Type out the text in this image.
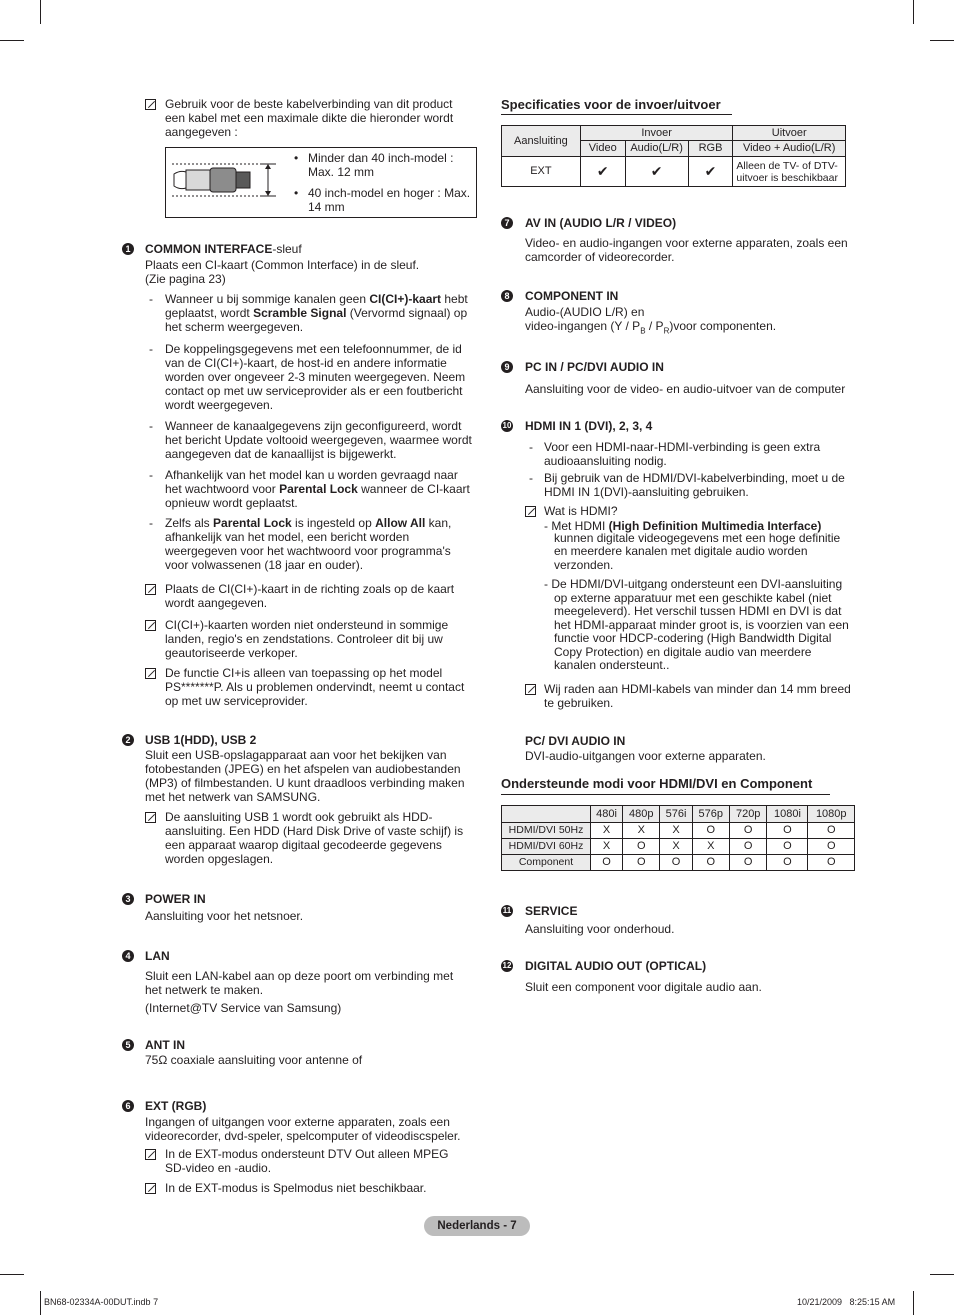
Gebruik voor de beste kabelverbinding van dit product een kabel met een maximale dikte die hieronder wordt aangegeven :
• Minder dan 40 inch-model : Max. 12 mm
• 40 inch-model en hoger : Max. 14 mm
1 COMMON INTERFACE-sleuf
Plaats een CI-kaart (Common Interface) in de sleuf. (Zie pagina 23)
- Wanneer u bij sommige kanalen geen CI(CI+)-kaart hebt geplaatst, wordt Scramble Signal (Vervormd signaal) op het scherm weergegeven.
- De koppelingsgegevens met een telefoonnummer, de id van de CI(CI+)-kaart, de host-id en andere informatie worden over ongeveer 2-3 minuten weergegeven. Neem contact op met uw serviceprovider als er een foutbericht wordt weergegeven.
- Wanneer de kanaalgegevens zijn geconfigureerd, wordt het bericht Update voltooid weergegeven, waarmee wordt aangegeven dat de kanaallijst is bijgewerkt.
- Afhankelijk van het model kan u worden gevraagd naar het wachtwoord voor Parental Lock wanneer de CI-kaart opnieuw wordt geplaatst.
- Zelfs als Parental Lock is ingesteld op Allow All kan, afhankelijk van het model, een bericht worden weergegeven voor het wachtwoord voor programma's voor volwassenen (18 jaar en ouder).
Plaats de CI(CI+)-kaart in de richting zoals op de kaart wordt aangegeven.
CI(CI+)-kaarten worden niet ondersteund in sommige landen, regio's en zendstations. Controleer dit bij uw geautoriseerde verkoper.
De functie CI+is alleen van toepassing op het model PS*******P. Als u problemen ondervindt, neemt u contact op met uw serviceprovider.
2 USB 1(HDD), USB 2
Sluit een USB-opslagapparaat aan voor het bekijken van fotobestanden (JPEG) en het afspelen van audiobestanden (MP3) of filmbestanden. U kunt draadloos verbinding maken met het netwerk van SAMSUNG.
De aansluiting USB 1 wordt ook gebruikt als HDD-aansluiting. Een HDD (Hard Disk Drive of vaste schijf) is een apparaat waarop digitaal gecodeerde gegevens worden opgeslagen.
3 POWER IN
Aansluiting voor het netsnoer.
4 LAN
Sluit een LAN-kabel aan op deze poort om verbinding met het netwerk te maken.
(Internet@TV Service van Samsung)
5 ANT IN
75Ω coaxiale aansluiting voor antenne of
6 EXT (RGB)
Ingangen of uitgangen voor externe apparaten, zoals een videorecorder, dvd-speler, spelcomputer of videodiscspeler.
In de EXT-modus ondersteunt DTV Out alleen MPEG SD-video en -audio.
In de EXT-modus is Spelmodus niet beschikbaar.
Specificaties voor de invoer/uitvoer
Aansluiting	Invoer			Uitvoer
	Video	Audio(L/R)	RGB	Video + Audio(L/R)
EXT	✔	✔	✔	Alleen de TV- of DTV-uitvoer is beschikbaar
7 AV IN (AUDIO L/R / VIDEO)
Video- en audio-ingangen voor externe apparaten, zoals een camcorder of videorecorder.
8 COMPONENT IN
Audio-(AUDIO L/R) en
video-ingangen ($Y / P_B$ / $P_R)voor$ componenten.
9 PC IN / PC/DVI AUDIO IN
Aansluiting voor de video- en audio-uitvoer van de computer
10 HDMI IN 1 (DVI), 2, 3, 4
- Voor een HDMI-naar-HDMI-verbinding is geen extra audioaansluiting nodig.
- Bij gebruik van de HDMI/DVI-kabelverbinding, moet u de HDMI IN 1(DVI)-aansluiting gebruiken.
Wat is HDMI?
- Met HDMI (High Definition Multimedia Interface)
kunnen digitale videogegevens met een hoge definitie en meerdere kanalen met digitale audio worden verzonden.
- De HDMI/DVI-uitgang ondersteunt een DVI-aansluiting op externe apparatuur met een geschikte kabel (niet meegeleverd). Het verschil tussen HDMI en DVI is dat het HDMI-apparaat minder groot is, is voorzien van een functie voor HDCP-codering (High Bandwidth Digital Copy Protection) en digitale audio van meerdere kanalen ondersteunt..
Wij raden aan HDMI-kabels van minder dan 14 mm breed te gebruiken.
PC/ DVI AUDIO IN
DVI-audio-uitgangen voor externe apparaten.
Ondersteunde modi voor HDMI/DVI en Component
	480i	480p	576i	576p	720p	1080i	1080p
HDMI/DVI 50Hz	X	X	X	O	O	O	O
HDMI/DVI 60Hz	X	O	X	X	O	O	O
Component	O	O	O	O	O	O	O
11 SERVICE
Aansluiting voor onderhoud.
12 DIGITAL AUDIO OUT (OPTICAL)
Sluit een component voor digitale audio aan.
Nederlands - 7
BN68-02334A-00DUT.indb 7	10/21/2009   8:25:15 AM
